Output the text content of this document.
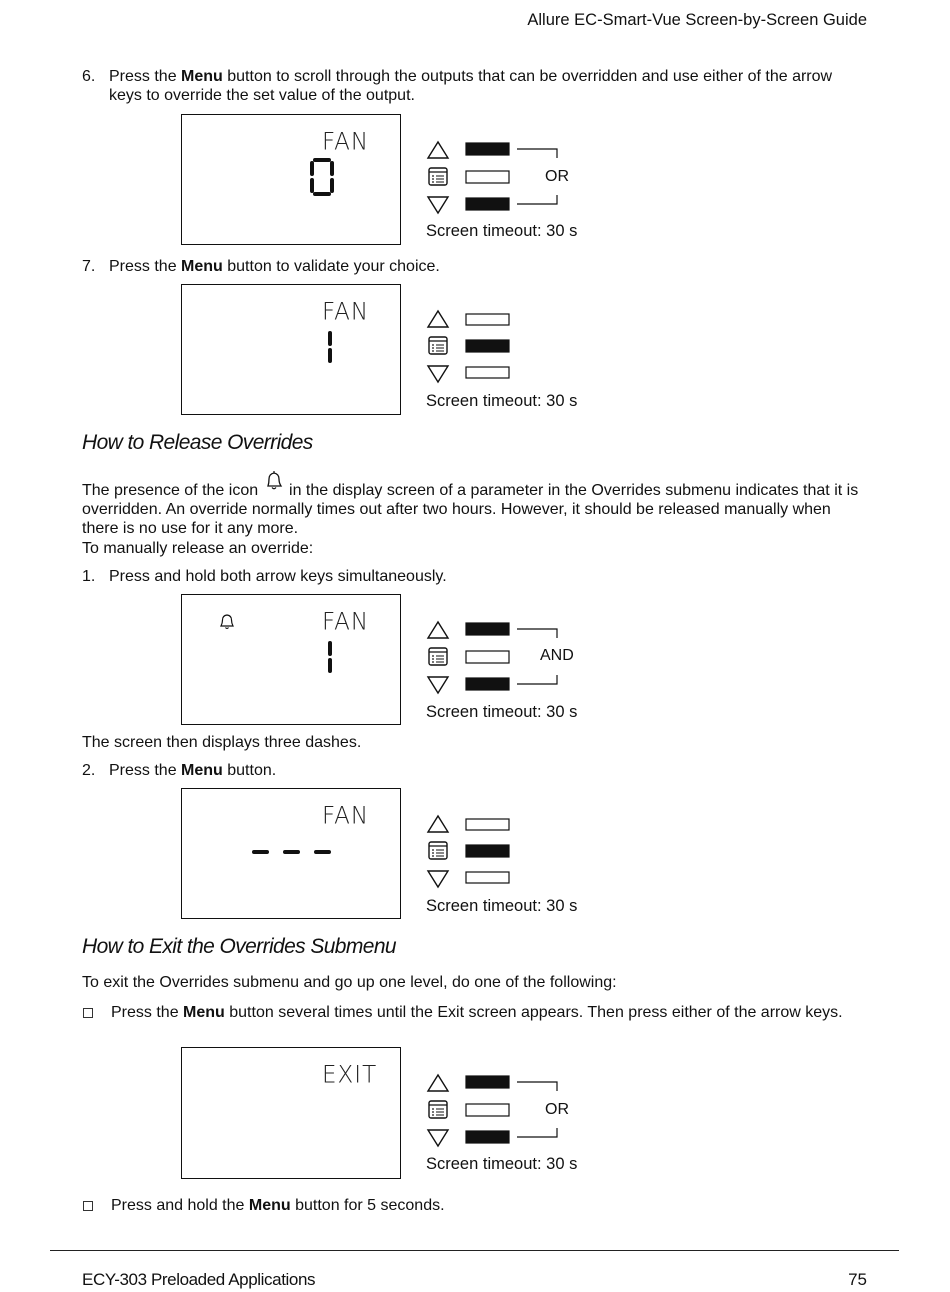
Allure EC-Smart-Vue Screen-by-Screen Guide
6. Press the Menu button to scroll through the outputs that can be overridden and use either of the arrow keys to override the set value of the output.
FAN
OR
Screen timeout: 30 s
7. Press the Menu button to validate your choice.
FAN
Screen timeout: 30 s
How to Release Overrides
The presence of the icon  in the display screen of a parameter in the Overrides submenu indicates that it is overridden. An override normally times out after two hours. However, it should be released manually when there is no use for it any more.
To manually release an override:
1. Press and hold both arrow keys simultaneously.
FAN
AND
Screen timeout: 30 s
The screen then displays three dashes.
2. Press the Menu button.
FAN
Screen timeout: 30 s
How to Exit the Overrides Submenu
To exit the Overrides submenu and go up one level, do one of the following:
Press the Menu button several times until the Exit screen appears. Then press either of the arrow keys.
EXIT
OR
Screen timeout: 30 s
Press and hold the Menu button for 5 seconds.
ECY-303 Preloaded Applications	75
